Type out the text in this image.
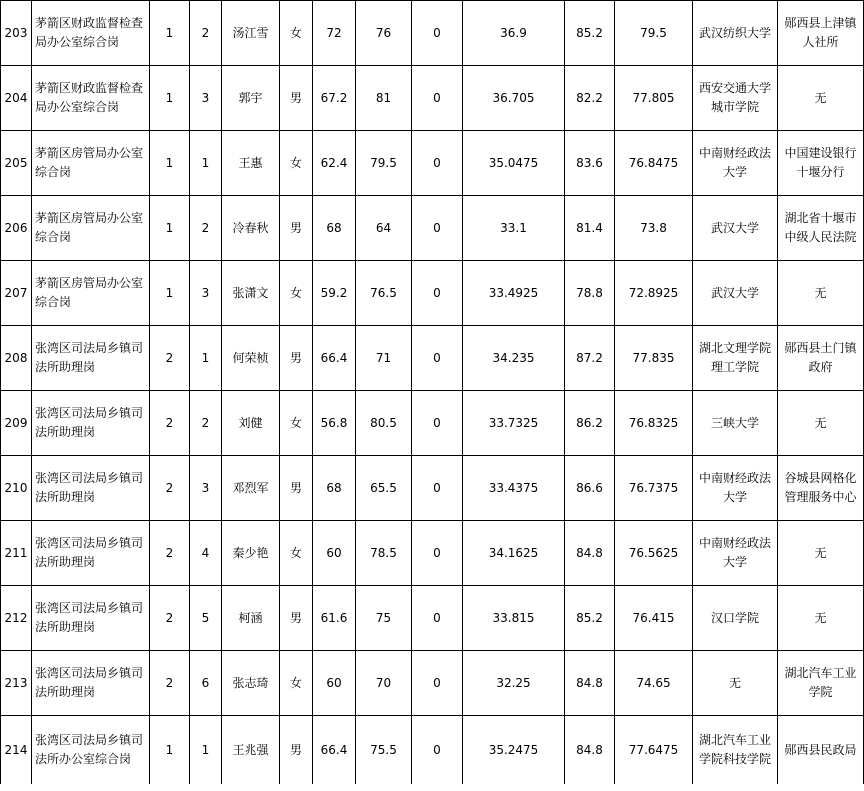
203	茅箭区财政监督检查局办公室综合岗	1	2	汤江雪	女	72	76	0	36.9	85.2	79.5	武汉纺织大学	郧西县上津镇人社所
204	茅箭区财政监督检查局办公室综合岗	1	3	郭宇	男	67.2	81	0	36.705	82.2	77.805	西安交通大学城市学院	无
205	茅箭区房管局办公室综合岗	1	1	王惠	女	62.4	79.5	0	35.0475	83.6	76.8475	中南财经政法大学	中国建设银行十堰分行
206	茅箭区房管局办公室综合岗	1	2	冷春秋	男	68	64	0	33.1	81.4	73.8	武汉大学	湖北省十堰市中级人民法院
207	茅箭区房管局办公室综合岗	1	3	张潇文	女	59.2	76.5	0	33.4925	78.8	72.8925	武汉大学	无
208	张湾区司法局乡镇司法所助理岗	2	1	何荣桢	男	66.4	71	0	34.235	87.2	77.835	湖北文理学院理工学院	郧西县土门镇政府
209	张湾区司法局乡镇司法所助理岗	2	2	刘健	女	56.8	80.5	0	33.7325	86.2	76.8325	三峡大学	无
210	张湾区司法局乡镇司法所助理岗	2	3	邓烈军	男	68	65.5	0	33.4375	86.6	76.7375	中南财经政法大学	谷城县网格化管理服务中心
211	张湾区司法局乡镇司法所助理岗	2	4	秦少艳	女	60	78.5	0	34.1625	84.8	76.5625	中南财经政法大学	无
212	张湾区司法局乡镇司法所助理岗	2	5	柯涵	男	61.6	75	0	33.815	85.2	76.415	汉口学院	无
213	张湾区司法局乡镇司法所助理岗	2	6	张志琦	女	60	70	0	32.25	84.8	74.65	无	湖北汽车工业学院
214	张湾区司法局乡镇司法所办公室综合岗	1	1	王兆强	男	66.4	75.5	0	35.2475	84.8	77.6475	湖北汽车工业学院科技学院	郧西县民政局
